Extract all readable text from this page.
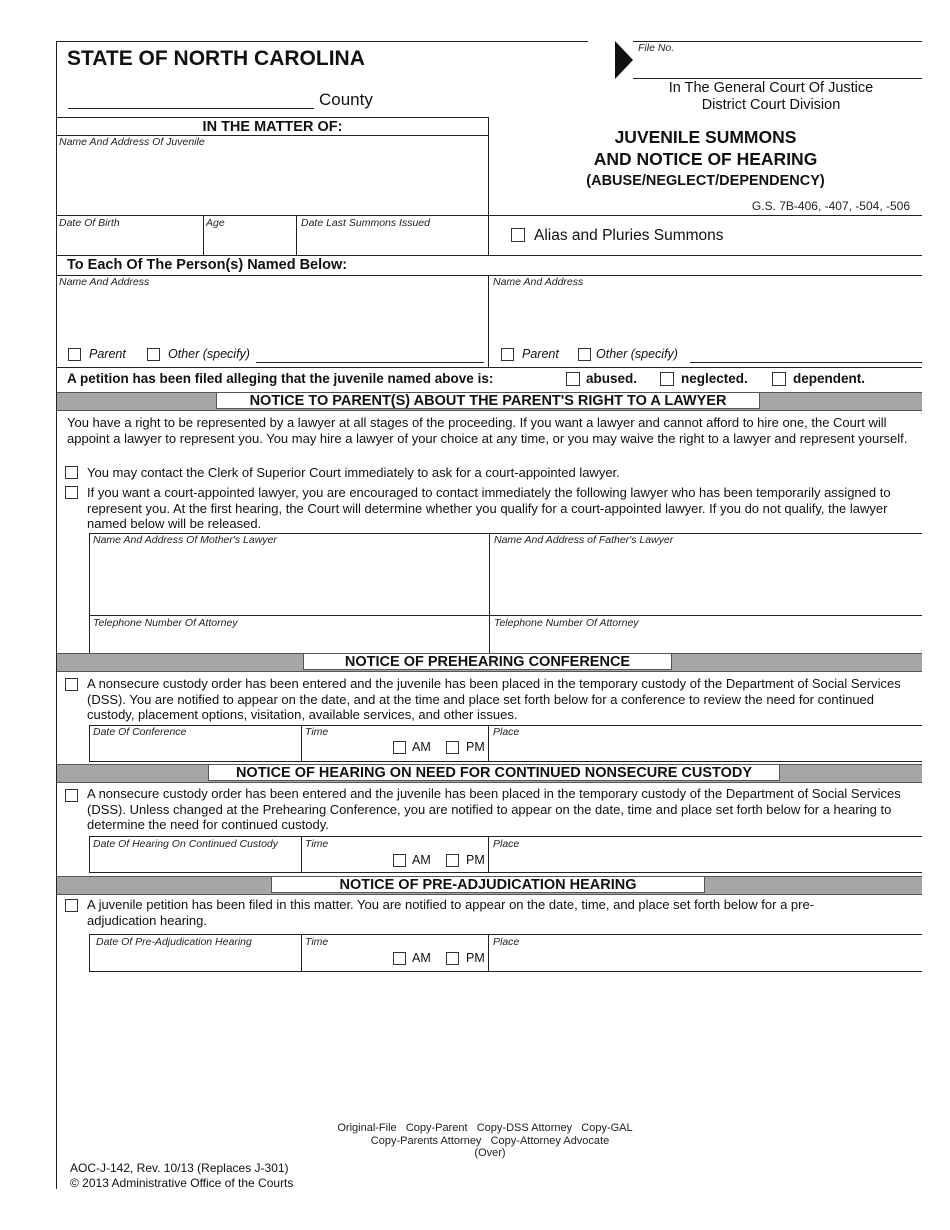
STATE OF NORTH CAROLINA
County
File No.
In The General Court Of Justice
District Court Division
IN THE MATTER OF:
Name And Address Of Juvenile
Date Of Birth	Age	Date Last Summons Issued
JUVENILE SUMMONS
AND NOTICE OF HEARING
(ABUSE/NEGLECT/DEPENDENCY)
G.S. 7B-406, -407, -504, -506
Alias and Pluries Summons
To Each Of The Person(s) Named Below:
Name And Address	Name And Address
Parent	Other (specify)	Parent	Other (specify)
A petition has been filed alleging that the juvenile named above is:	abused.	neglected.	dependent.
NOTICE TO PARENT(S) ABOUT THE PARENT'S RIGHT TO A LAWYER
You have a right to be represented by a lawyer at all stages of the proceeding. If you want a lawyer and cannot afford to hire one, the Court will appoint a lawyer to represent you. You may hire a lawyer of your choice at any time, or you may waive the right to a lawyer and represent yourself.
You may contact the Clerk of Superior Court immediately to ask for a court-appointed lawyer.
If you want a court-appointed lawyer, you are encouraged to contact immediately the following lawyer who has been temporarily assigned to represent you. At the first hearing, the Court will determine whether you qualify for a court-appointed lawyer. If you do not qualify, the lawyer named below will be released.
Name And Address Of Mother's Lawyer	Name And Address of Father's Lawyer
Telephone Number Of Attorney	Telephone Number Of Attorney
NOTICE OF PREHEARING CONFERENCE
A nonsecure custody order has been entered and the juvenile has been placed in the temporary custody of the Department of Social Services (DSS). You are notified to appear on the date, and at the time and place set forth below for a conference to review the need for continued custody, placement options, visitation, available services, and other issues.
Date Of Conference	Time	Place
AM	PM
NOTICE OF HEARING ON NEED FOR CONTINUED NONSECURE CUSTODY
A nonsecure custody order has been entered and the juvenile has been placed in the temporary custody of the Department of Social Services (DSS). Unless changed at the Prehearing Conference, you are notified to appear on the date, time and place set forth below for a hearing to determine the need for continued custody.
Date Of Hearing On Continued Custody	Time	Place
AM	PM
NOTICE OF PRE-ADJUDICATION HEARING
A juvenile petition has been filed in this matter. You are notified to appear on the date, time, and place set forth below for a pre-adjudication hearing.
Date Of Pre-Adjudication Hearing	Time	Place
AM	PM
Original-File   Copy-Parent   Copy-DSS Attorney   Copy-GAL
Copy-Parents Attorney   Copy-Attorney Advocate
(Over)
AOC-J-142, Rev. 10/13 (Replaces J-301)
© 2013 Administrative Office of the Courts
